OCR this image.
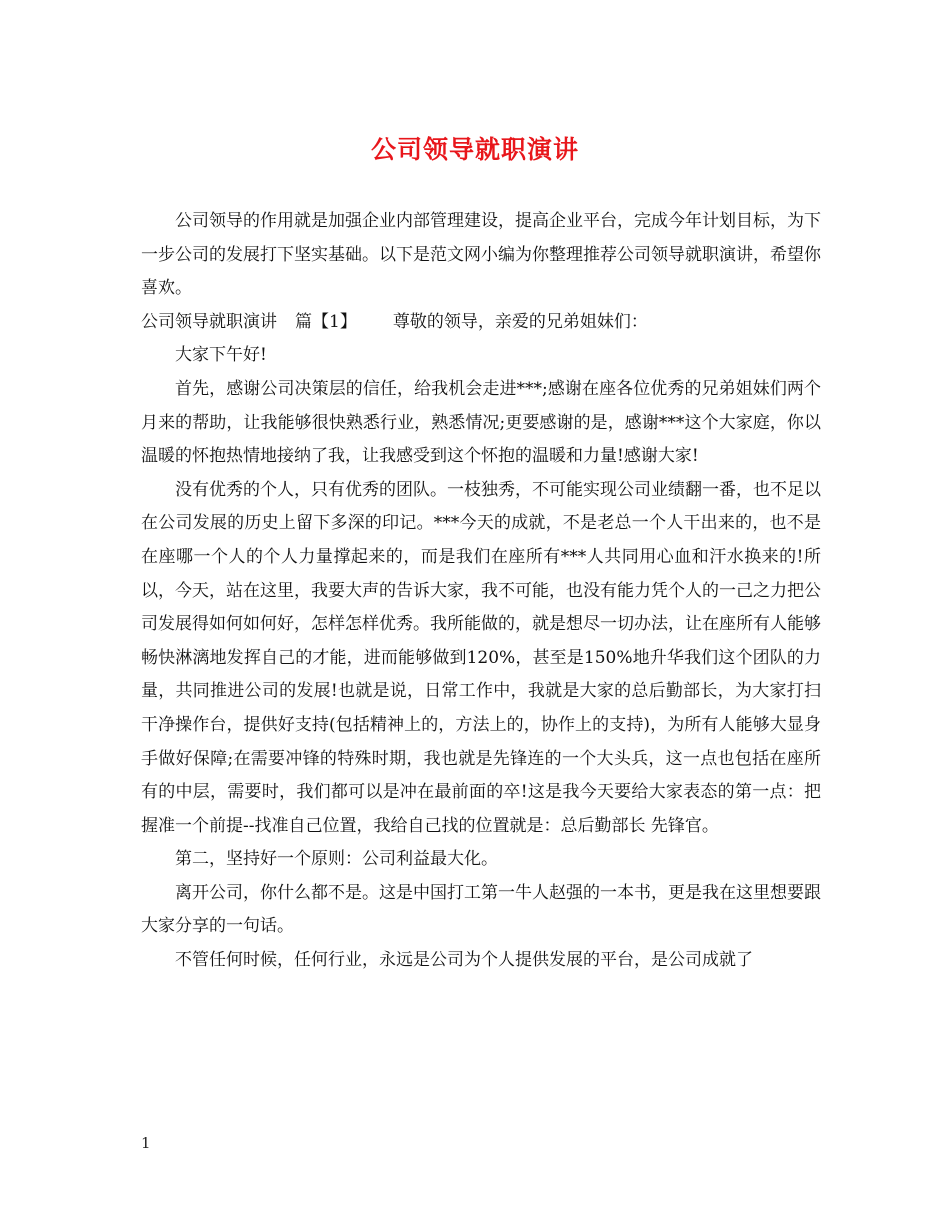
公司领导就职演讲

公司领导的作用就是加强企业内部管理建设，提高企业平台，完成今年计划目标，为下一步公司的发展打下坚实基础。以下是范文网小编为你整理推荐公司领导就职演讲，希望你喜欢。

公司领导就职演讲 篇【1】 尊敬的领导，亲爱的兄弟姐妹们：

大家下午好!

首先，感谢公司决策层的信任，给我机会走进***;感谢在座各位优秀的兄弟姐妹们两个月来的帮助，让我能够很快熟悉行业，熟悉情况;更要感谢的是，感谢***这个大家庭，你以温暖的怀抱热情地接纳了我，让我感受到这个怀抱的温暖和力量!感谢大家!

没有优秀的个人，只有优秀的团队。一枝独秀，不可能实现公司业绩翻一番，也不足以在公司发展的历史上留下多深的印记。***今天的成就，不是老总一个人干出来的，也不是在座哪一个人的个人力量撑起来的，而是我们在座所有***人共同用心血和汗水换来的!所以，今天，站在这里，我要大声的告诉大家，我不可能，也没有能力凭个人的一己之力把公司发展得如何如何好，怎样怎样优秀。我所能做的，就是想尽一切办法，让在座所有人能够畅快淋漓地发挥自己的才能，进而能够做到120%，甚至是150%地升华我们这个团队的力量，共同推进公司的发展!也就是说，日常工作中，我就是大家的总后勤部长，为大家打扫干净操作台，提供好支持(包括精神上的，方法上的，协作上的支持)，为所有人能够大显身手做好保障;在需要冲锋的特殊时期，我也就是先锋连的一个大头兵，这一点也包括在座所有的中层，需要时，我们都可以是冲在最前面的卒!这是我今天要给大家表态的第一点：把握准一个前提--找准自己位置，我给自己找的位置就是：总后勤部长 先锋官。

第二，坚持好一个原则：公司利益最大化。

离开公司，你什么都不是。这是中国打工第一牛人赵强的一本书，更是我在这里想要跟大家分享的一句话。

不管任何时候，任何行业，永远是公司为个人提供发展的平台，是公司成就了

1
